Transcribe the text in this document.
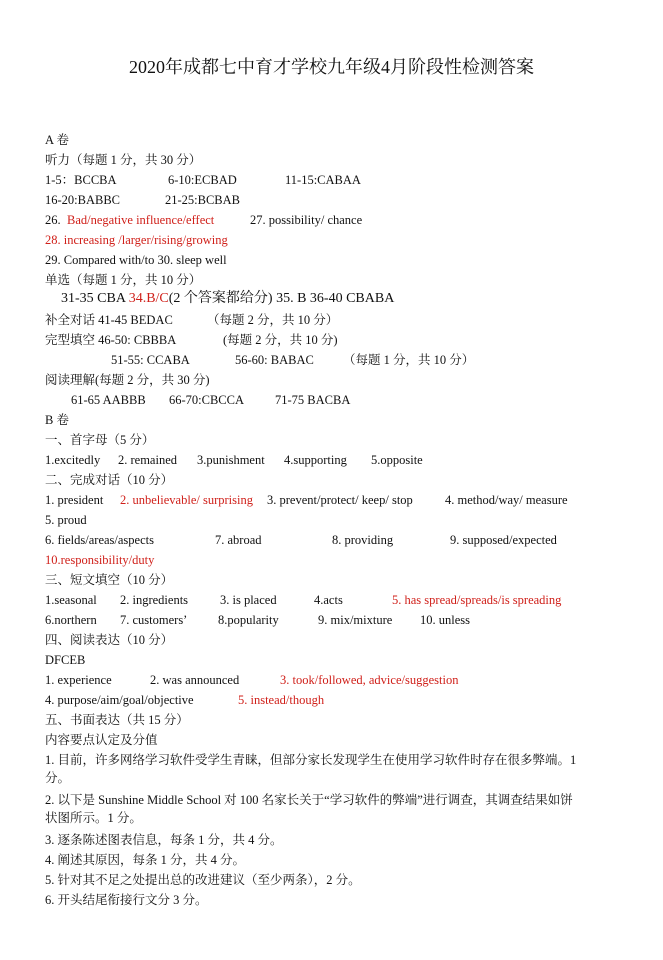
2020年成都七中育才学校九年级4月阶段性检测答案
A 卷
听力（每题 1 分，共 30 分）
1-5：BCCBA	6-10:ECBAD	11-15:CABAA
16-20:BABBC	21-25:BCBAB
26. Bad/negative influence/effect	27. possibility/ chance
28. increasing /larger/rising/growing
29. Compared with/to 30. sleep well
单选（每题 1 分，共 10 分）
31-35 CBA 34.B/C(2 个答案都给分) 35. B 36-40 CBABA
补全对话 41-45 BEDAC	（每题 2 分，共 10 分）
完型填空 46-50: CBBBA	(每题 2 分，共 10 分)
51-55: CCABA	56-60: BABAC （每题 1 分，共 10 分）
阅读理解(每题 2 分，共 30 分)
61-65 AABBB 66-70:CBCCA 71-75 BACBA
B 卷
一、首字母（5 分）
1.excitedly 2. remained 3.punishment 4.supporting 5.opposite
二、完成对话（10 分）
1. president 2. unbelievable/ surprising 3. prevent/protect/ keep/ stop	4. method/way/ measure
5. proud
6. fields/areas/aspects	7. abroad	8. providing	9. supposed/expected
10.responsibility/duty
三、短文填空（10 分）
1.seasonal 2. ingredients	3. is placed	4.acts	5. has spread/spreads/is spreading
6.northern 7. customers’ 8.popularity	9. mix/mixture 10. unless
四、阅读表达（10 分）
DFCEB
1. experience	2. was announced	3. took/followed, advice/suggestion
4. purpose/aim/goal/objective	5. instead/though
五、书面表达（共 15 分）
内容要点认定及分值
1. 目前，许多网络学习软件受学生青睐，但部分家长发现学生在使用学习软件时存在很多弊端。1 分。
2. 以下是 Sunshine Middle School 对 100 名家长关于“学习软件的弊端”进行调查，其调查结果如饼状图所示。1 分。
3. 逐条陈述图表信息，每条 1 分，共 4 分。
4. 阐述其原因，每条 1 分，共 4 分。
5. 针对其不足之处提出总的改进建议（至少两条），2 分。
6. 开头结尾衔接行文分 3 分。
